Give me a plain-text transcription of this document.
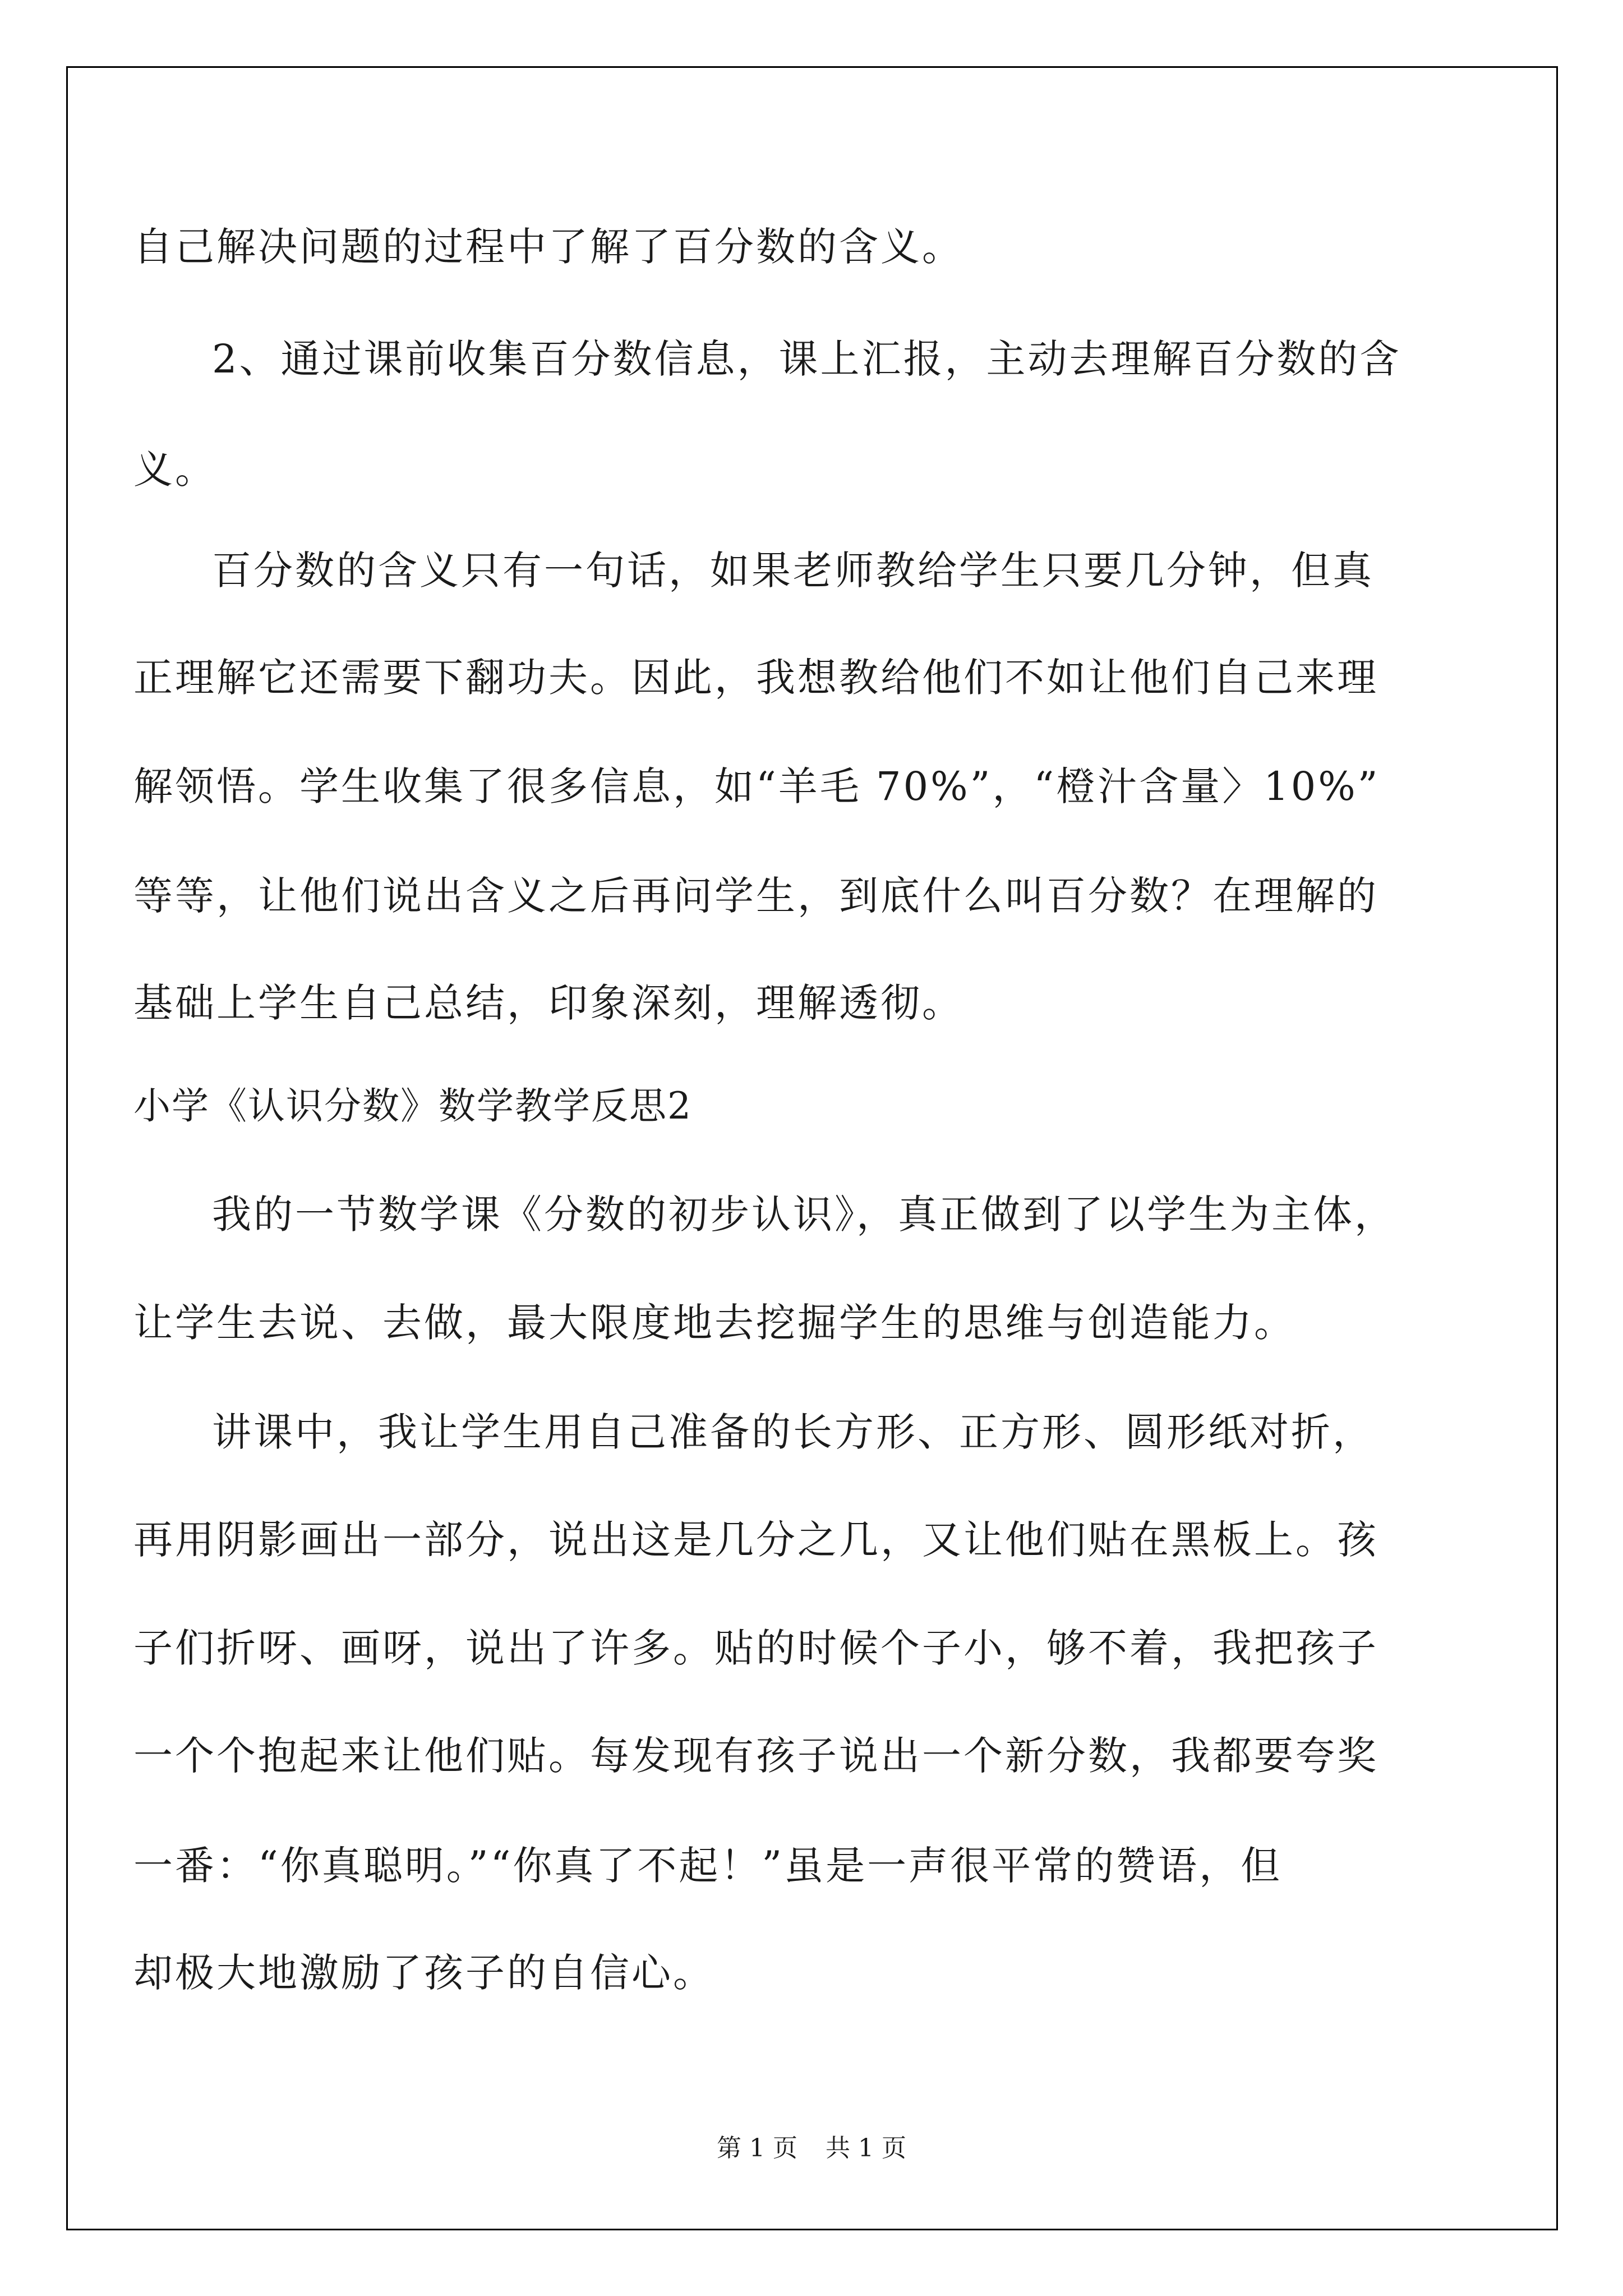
自己解决问题的过程中了解了百分数的含义。
2、通过课前收集百分数信息，课上汇报，主动去理解百分数的含
义。
百分数的含义只有一句话，如果老师教给学生只要几分钟，但真
正理解它还需要下翻功夫。因此，我想教给他们不如让他们自己来理
解领悟。学生收集了很多信息，如“羊毛 70%”，“橙汁含量〉10%”
等等，让他们说出含义之后再问学生，到底什么叫百分数？在理解的
基础上学生自己总结，印象深刻，理解透彻。
小学《认识分数》数学教学反思2
我的一节数学课《分数的初步认识》，真正做到了以学生为主体，
让学生去说、去做，最大限度地去挖掘学生的思维与创造能力。
讲课中，我让学生用自己准备的长方形、正方形、圆形纸对折，
再用阴影画出一部分，说出这是几分之几，又让他们贴在黑板上。孩
子们折呀、画呀，说出了许多。贴的时候个子小，够不着，我把孩子
一个个抱起来让他们贴。每发现有孩子说出一个新分数，我都要夸奖
一番：“你真聪明。”“你真了不起！”虽是一声很平常的赞语，但
却极大地激励了孩子的自信心。
第 1 页 共 1 页
